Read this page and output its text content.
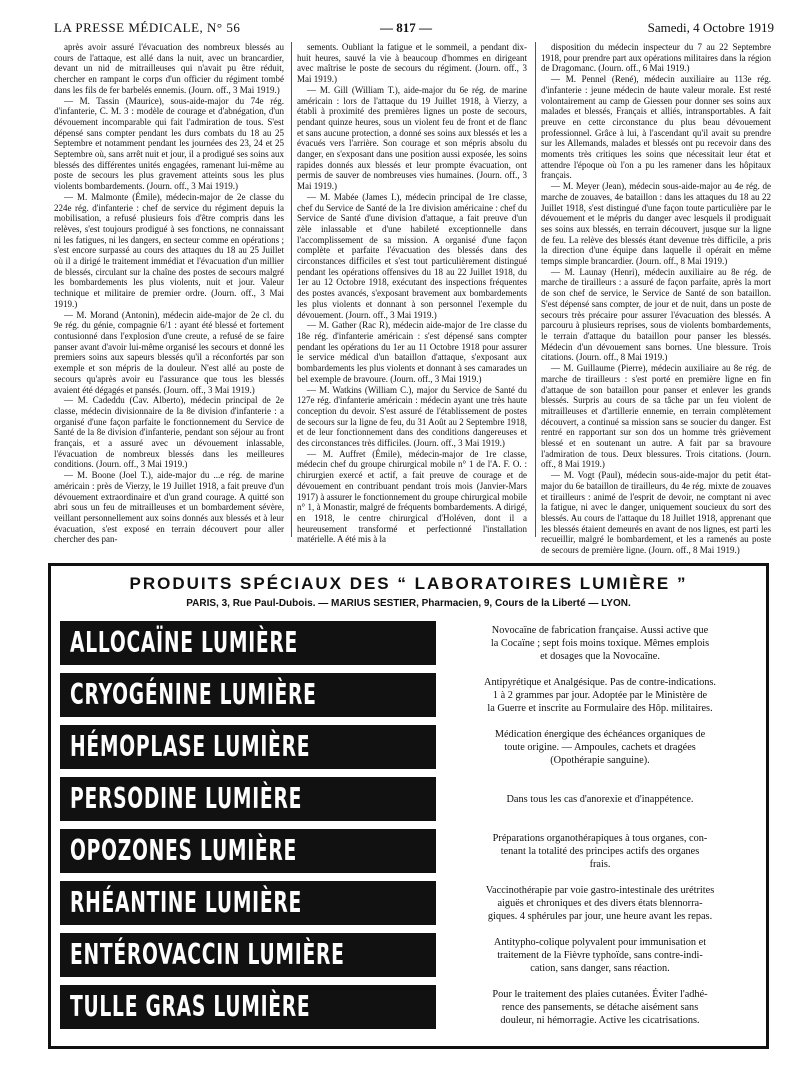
LA PRESSE MÉDICALE, N° 56	— 817 —	Samedi, 4 Octobre 1919

après avoir assuré l'évacuation des nombreux blessés au cours de l'attaque, est allé dans la nuit, avec un brancardier, devant un nid de mitrailleuses qui n'avait pu être réduit, chercher en rampant le corps d'un officier du régiment tombé dans les fils de fer barbelés ennemis. (Journ. off., 3 Mai 1919.)

— M. Tassin (Maurice), sous-aide-major du 74e rég. d'infanterie, C. M. 3 : modèle de courage et d'abnégation, d'un dévouement incomparable qui fait l'admiration de tous. S'est dépensé sans compter pendant les durs combats du 18 au 25 Septembre et notamment pendant les journées des 23, 24 et 25 Septembre où, sans arrêt nuit et jour, il a prodigué ses soins aux blessés des différentes unités engagées, ramenant lui-même au poste de secours les plus gravement atteints sous les plus violents bombardements. (Journ. off., 3 Mai 1919.)

— M. Malmonte (Émile), médecin-major de 2e classe du 224e rég. d'infanterie : chef de service du régiment depuis la mobilisation, a refusé plusieurs fois d'être compris dans les relèves, s'est toujours prodigué à ses fonctions, ne connaissant ni les fatigues, ni les dangers, en secteur comme en opérations ; s'est encore surpassé au cours des attaques du 18 au 25 Juillet où il a dirigé le traitement immédiat et l'évacuation d'un millier de blessés, circulant sur la chaîne des postes de secours malgré les bombardements les plus violents, nuit et jour. Valeur technique et militaire de premier ordre. (Journ. off., 3 Mai 1919.)

— M. Morand (Antonin), médecin aide-major de 2e cl. du 9e rég. du génie, compagnie 6/1 : ayant été blessé et fortement contusionné dans l'explosion d'une creute, a refusé de se faire panser avant d'avoir lui-même organisé les secours et donné les premiers soins aux sapeurs blessés qu'il a réconfortés par son exemple et son mépris de la douleur. N'est allé au poste de secours qu'après avoir eu l'assurance que tous les blessés avaient été dégagés et pansés. (Journ. off., 3 Mai 1919.)

— M. Cadeddu (Cav. Alberto), médecin principal de 2e classe, médecin divisionnaire de la 8e division d'infanterie : a organisé d'une façon parfaite le fonctionnement du Service de Santé de la 8e division d'infanterie, pendant son séjour au front français, et a assuré avec un dévouement inlassable, l'évacuation de nombreux blessés dans les meilleures conditions. (Journ. off., 3 Mai 1919.)

— M. Boone (Joel T.), aide-major du ...e rég. de marine américain : près de Vierzy, le 19 Juillet 1918, a fait preuve d'un dévouement extraordinaire et d'un grand courage. A quitté son abri sous un feu de mitrailleuses et un bombardement sévère, veillant personnellement aux soins donnés aux blessés et à leur évacuation, s'est exposé en terrain découvert pour aller chercher des pan-

sements. Oubliant la fatigue et le sommeil, a pendant dix-huit heures, sauvé la vie à beaucoup d'hommes en dirigeant avec maîtrise le poste de secours du régiment. (Journ. off., 3 Mai 1919.)

— M. Gill (William T.), aide-major du 6e rég. de marine américain : lors de l'attaque du 19 Juillet 1918, à Vierzy, a établi à proximité des premières lignes un poste de secours, pendant quinze heures, sous un violent feu de front et de flanc et sans aucune protection, a donné ses soins aux blessés et les a évacués vers l'arrière. Son courage et son mépris absolu du danger, en s'exposant dans une position aussi exposée, les soins rapides donnés aux blessés et leur prompte évacuation, ont permis de sauver de nombreuses vies humaines. (Journ. off., 3 Mai 1919.)

— M. Mabée (James I.), médecin principal de 1re classe, chef du Service de Santé de la 1re division américaine : chef du Service de Santé d'une division d'attaque, a fait preuve d'un zèle inlassable et d'une habileté exceptionnelle dans l'accomplissement de sa mission. A organisé d'une façon complète et parfaite l'évacuation des blessés dans des circonstances difficiles et s'est tout particulièrement distingué pendant les opérations offensives du 18 au 22 Juillet 1918, du 1er au 12 Octobre 1918, exécutant des inspections fréquentes des postes avancés, s'exposant bravement aux bombardements les plus violents et donnant à son personnel l'exemple du dévouement. (Journ. off., 3 Mai 1919.)

— M. Gather (Rac R), médecin aide-major de 1re classe du 18e rég. d'infanterie américain : s'est dépensé sans compter pendant les opérations du 1er au 11 Octobre 1918 pour assurer le service médical d'un bataillon d'attaque, s'exposant aux bombardements les plus violents et donnant à ses camarades un bel exemple de bravoure. (Journ. off., 3 Mai 1919.)

— M. Watkins (William C.), major du Service de Santé du 127e rég. d'infanterie américain : médecin ayant une très haute conception du devoir. S'est assuré de l'établissement de postes de secours sur la ligne de feu, du 31 Août au 2 Septembre 1918, et de leur fonctionnement dans des conditions dangereuses et des circonstances très difficiles. (Journ. off., 3 Mai 1919.)

— M. Auffret (Émile), médecin-major de 1re classe, médecin chef du groupe chirurgical mobile n° 1 de l'A. F. O. : chirurgien exercé et actif, a fait preuve de courage et de dévouement en contribuant pendant trois mois (Janvier-Mars 1917) à assurer le fonctionnement du groupe chirurgical mobile n° 1, à Monastir, malgré de fréquents bombardements. A dirigé, en 1918, le centre chirurgical d'Holéven, dont il a heureusement transformé et perfectionné l'installation matérielle. A été mis à la

disposition du médecin inspecteur du 7 au 22 Septembre 1918, pour prendre part aux opérations militaires dans la région de Dragomanc. (Journ. off., 6 Mai 1919.)

— M. Pennel (René), médecin auxiliaire au 113e rég. d'infanterie : jeune médecin de haute valeur morale. Est resté volontairement au camp de Giessen pour donner ses soins aux malades et blessés, Français et alliés, intransportables. A fait preuve en cette circonstance du plus beau dévouement professionnel. Grâce à lui, à l'ascendant qu'il avait su prendre sur les Allemands, malades et blessés ont pu recevoir dans des moments très critiques les soins que nécessitait leur état et attendre l'époque où l'on a pu les ramener dans les hôpitaux français.

— M. Meyer (Jean), médecin sous-aide-major au 4e rég. de marche de zouaves, 4e bataillon : dans les attaques du 18 au 22 Juillet 1918, s'est distingué d'une façon toute particulière par le dévouement et le mépris du danger avec lesquels il prodiguait ses soins aux blessés, en terrain découvert, jusque sur la ligne de feu. La relève des blessés étant devenue très difficile, a pris la direction d'une équipe dans laquelle il opérait en même temps simple brancardier. (Journ. off., 8 Mai 1919.)

— M. Launay (Henri), médecin auxiliaire au 8e rég. de marche de tirailleurs : a assuré de façon parfaite, après la mort de son chef de service, le Service de Santé de son bataillon. S'est dépensé sans compter, de jour et de nuit, dans un poste de secours très précaire pour assurer l'évacuation des blessés. A parcouru à plusieurs reprises, sous de violents bombardements, le terrain d'attaque du bataillon pour panser les blessés. Médecin d'un dévouement sans bornes. Une blessure. Trois citations. (Journ. off., 8 Mai 1919.)

— M. Guillaume (Pierre), médecin auxiliaire au 8e rég. de marche de tirailleurs : s'est porté en première ligne en fin d'attaque de son bataillon pour panser et enlever les grands blessés. Surpris au cours de sa tâche par un feu violent de mitrailleuses et d'artillerie ennemie, en terrain complètement découvert, a continué sa mission sans se soucier du danger. Est rentré en rapportant sur son dos un homme très grièvement blessé et en soutenant un autre. A fait par sa bravoure l'admiration de tous. Deux blessures. Trois citations. (Journ. off., 8 Mai 1919.)

— M. Vogt (Paul), médecin sous-aide-major du petit état-major du 6e bataillon de tirailleurs, du 4e rég. mixte de zouaves et tirailleurs : animé de l'esprit de devoir, ne comptant ni avec la fatigue, ni avec le danger, uniquement soucieux du sort des blessés. Au cours de l'attaque du 18 Juillet 1918, apprenant que les blessés étaient demeurés en avant de nos lignes, est parti les recueillir, malgré le bombardement, et les a ramenés au poste de secours de première ligne. (Journ. off., 8 Mai 1919.)

PRODUITS SPÉCIAUX DES “ LABORATOIRES LUMIÈRE ”
PARIS, 3, Rue Paul-Dubois. — MARIUS SESTIER, Pharmacien, 9, Cours de la Liberté — LYON.
ALLOCAÏNE LUMIÈRE	Novocaïne de fabrication française. Aussi active que
la Cocaïne ; sept fois moins toxique. Mêmes emplois
et dosages que la Novocaïne.
CRYOGÉNINE LUMIÈRE	Antipyrétique et Analgésique. Pas de contre-indications.
1 à 2 grammes par jour. Adoptée par le Ministère de
la Guerre et inscrite au Formulaire des Hôp. militaires.
HÉMOPLASE LUMIÈRE	Médication énergique des échéances organiques de
toute origine. — Ampoules, cachets et dragées
(Opothérapie sanguine).
PERSODINE LUMIÈRE	Dans tous les cas d'anorexie et d'inappétence.
OPOZONES LUMIÈRE	Préparations organothérapiques à tous organes, con-
tenant la totalité des principes actifs des organes
frais.
RHÉANTINE LUMIÈRE	Vaccinothérapie par voie gastro-intestinale des urétrites
aiguës et chroniques et des divers états blennorra-
giques. 4 sphérules par jour, une heure avant les repas.
ENTÉROVACCIN LUMIÈRE	Antitypho-colique polyvalent pour immunisation et
traitement de la Fièvre typhoïde, sans contre-indi-
cation, sans danger, sans réaction.
TULLE GRAS LUMIÈRE	Pour le traitement des plaies cutanées. Éviter l'adhé-
rence des pansements, se détache aisément sans
douleur, ni hémorragie. Active les cicatrisations.
